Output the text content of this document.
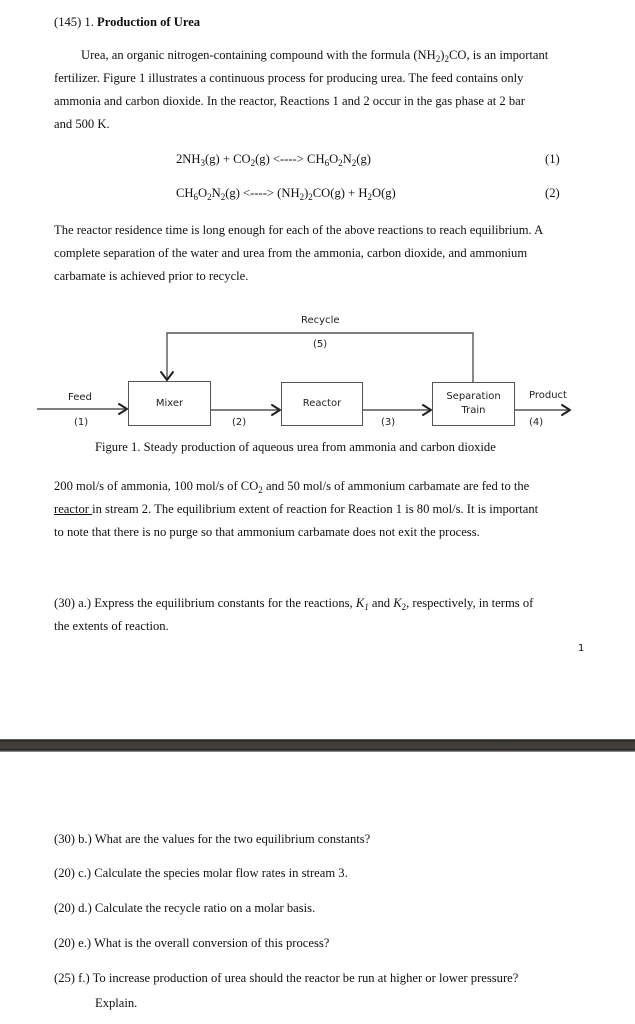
(145) 1. Production of Urea
Urea, an organic nitrogen-containing compound with the formula $(NH_2)_2CO$, is an important
fertilizer. Figure 1 illustrates a continuous process for producing urea. The feed contains only
ammonia and carbon dioxide. In the reactor, Reactions 1 and 2 occur in the gas phase at 2 bar
and 500 K.
$2NH_3(g) + CO_2(g)$ <----> $CH_6O_2N_2(g)$	(1)
$CH_6O_2N_2(g)$ <----> $(NH_2)_2CO(g) + H_2O(g)$	(2)
The reactor residence time is long enough for each of the above reactions to reach equilibrium. A
complete separation of the water and urea from the ammonia, carbon dioxide, and ammonium
carbamate is achieved prior to recycle.
Recycle
(5)
Feed
(1)
Mixer
(2)
Reactor
(3)
Separation
Train
Product
(4)
Figure 1. Steady production of aqueous urea from ammonia and carbon dioxide
200 mol/s of ammonia, 100 mol/s of $CO_2$ and 50 mol/s of ammonium carbamate are fed to the
reactor in stream 2. The equilibrium extent of reaction for Reaction 1 is 80 mol/s. It is important
to note that there is no purge so that ammonium carbamate does not exit the process.
(30) a.) Express the equilibrium constants for the reactions, $K_1$ and $K_2$, respectively, in terms of
the extents of reaction.
1
(30) b.) What are the values for the two equilibrium constants?
(20) c.) Calculate the species molar flow rates in stream 3.
(20) d.) Calculate the recycle ratio on a molar basis.
(20) e.) What is the overall conversion of this process?
(25) f.) To increase production of urea should the reactor be run at higher or lower pressure?
Explain.
